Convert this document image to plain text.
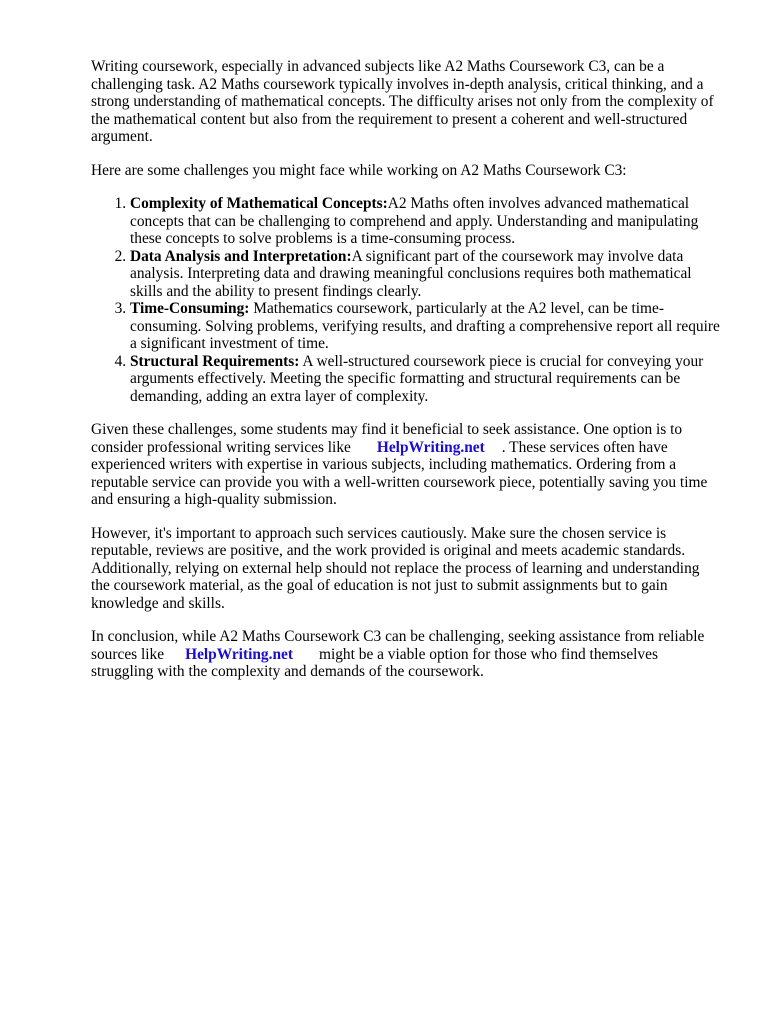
Writing coursework, especially in advanced subjects like A2 Maths Coursework C3, can be a challenging task. A2 Maths coursework typically involves in-depth analysis, critical thinking, and a strong understanding of mathematical concepts. The difficulty arises not only from the complexity of the mathematical content but also from the requirement to present a coherent and well-structured argument.

Here are some challenges you might face while working on A2 Maths Coursework C3:

1. Complexity of Mathematical Concepts:A2 Maths often involves advanced mathematical concepts that can be challenging to comprehend and apply. Understanding and manipulating these concepts to solve problems is a time-consuming process.
2. Data Analysis and Interpretation:A significant part of the coursework may involve data analysis. Interpreting data and drawing meaningful conclusions requires both mathematical skills and the ability to present findings clearly.
3. Time-Consuming: Mathematics coursework, particularly at the A2 level, can be time-consuming. Solving problems, verifying results, and drafting a comprehensive report all require a significant investment of time.
4. Structural Requirements: A well-structured coursework piece is crucial for conveying your arguments effectively. Meeting the specific formatting and structural requirements can be demanding, adding an extra layer of complexity.

Given these challenges, some students may find it beneficial to seek assistance. One option is to consider professional writing services like HelpWriting.net . These services often have experienced writers with expertise in various subjects, including mathematics. Ordering from a reputable service can provide you with a well-written coursework piece, potentially saving you time and ensuring a high-quality submission.

However, it's important to approach such services cautiously. Make sure the chosen service is reputable, reviews are positive, and the work provided is original and meets academic standards. Additionally, relying on external help should not replace the process of learning and understanding the coursework material, as the goal of education is not just to submit assignments but to gain knowledge and skills.

In conclusion, while A2 Maths Coursework C3 can be challenging, seeking assistance from reliable sources like HelpWriting.net might be a viable option for those who find themselves struggling with the complexity and demands of the coursework.
